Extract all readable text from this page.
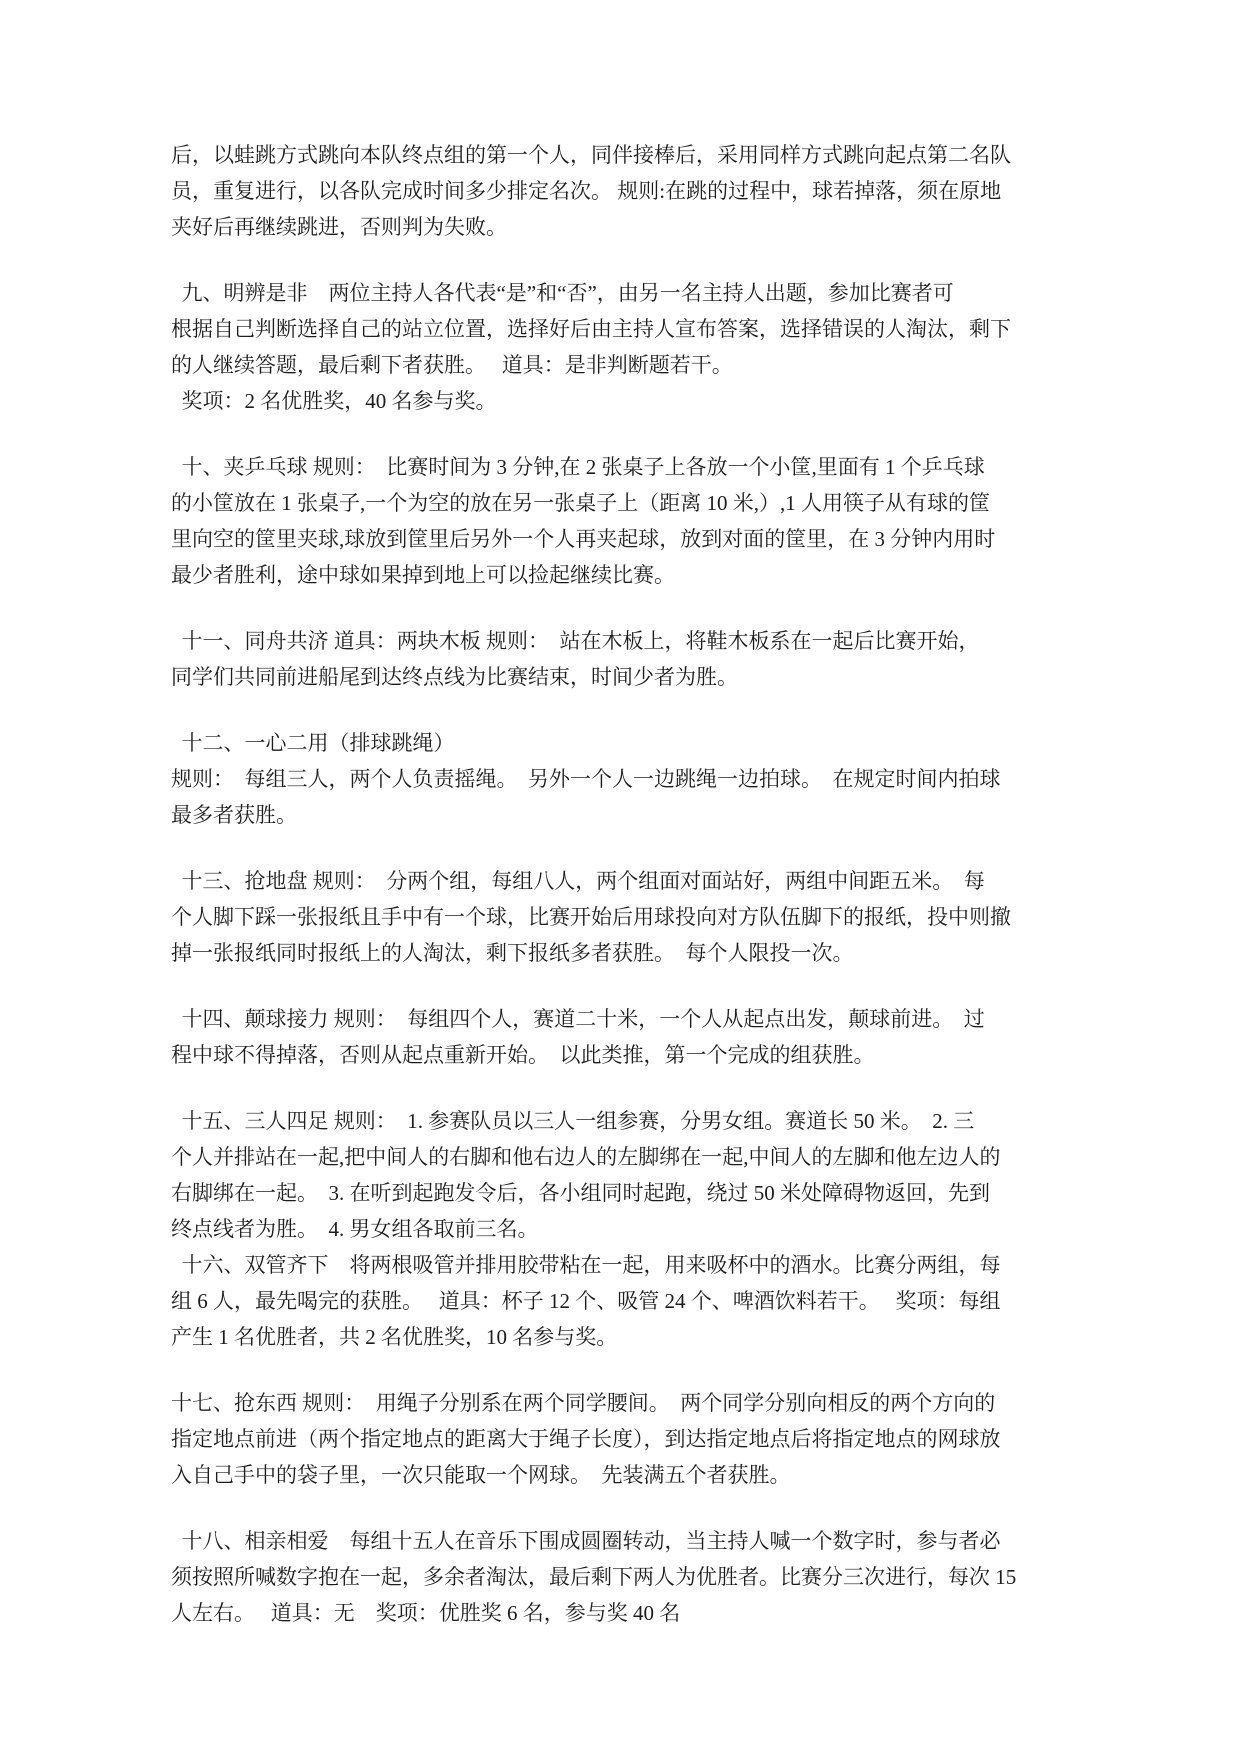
后，以蛙跳方式跳向本队终点组的第一个人，同伴接棒后，采用同样方式跳向起点第二名队
员，重复进行，以各队完成时间多少排定名次。 规则:在跳的过程中，球若掉落，须在原地
夹好后再继续跳进，否则判为失败。
九、明辨是非　两位主持人各代表“是”和“否”，由另一名主持人出题，参加比赛者可
根据自己判断选择自己的站立位置，选择好后由主持人宣布答案，选择错误的人淘汰，剩下
的人继续答题，最后剩下者获胜。　 道具：是非判断题若干。
奖项：2 名优胜奖，40 名参与奖。
十、夹乒乓球 规则：　比赛时间为 3 分钟,在 2 张桌子上各放一个小筐,里面有 1 个乒乓球
的小筐放在 1 张桌子,一个为空的放在另一张桌子上（距离 10 米,）,1 人用筷子从有球的筐
里向空的筐里夹球,球放到筐里后另外一个人再夹起球，放到对面的筐里，在 3 分钟内用时
最少者胜利，途中球如果掉到地上可以捡起继续比赛。
十一、同舟共济 道具：两块木板 规则：　站在木板上，将鞋木板系在一起后比赛开始，
同学们共同前进船尾到达终点线为比赛结束，时间少者为胜。
十二、一心二用（排球跳绳）
规则：　每组三人，两个人负责摇绳。　另外一个人一边跳绳一边拍球。　在规定时间内拍球
最多者获胜。
十三、抢地盘 规则：　分两个组，每组八人，两个组面对面站好，两组中间距五米。　每
个人脚下踩一张报纸且手中有一个球，比赛开始后用球投向对方队伍脚下的报纸，投中则撤
掉一张报纸同时报纸上的人淘汰，剩下报纸多者获胜。　每个人限投一次。
十四、颠球接力 规则：　每组四个人，赛道二十米，一个人从起点出发，颠球前进。　过
程中球不得掉落，否则从起点重新开始。　以此类推，第一个完成的组获胜。
十五、三人四足 规则：　1. 参赛队员以三人一组参赛，分男女组。赛道长 50 米。　2. 三
个人并排站在一起,把中间人的右脚和他右边人的左脚绑在一起,中间人的左脚和他左边人的
右脚绑在一起。　3. 在听到起跑发令后，各小组同时起跑，绕过 50 米处障碍物返回，先到
终点线者为胜。　4. 男女组各取前三名。
十六、双管齐下　将两根吸管并排用胶带粘在一起，用来吸杯中的酒水。比赛分两组，每
组 6 人，最先喝完的获胜。　 道具：杯子 12 个、吸管 24 个、啤酒饮料若干。　 奖项：每组
产生 1 名优胜者，共 2 名优胜奖，10 名参与奖。
十七、抢东西 规则：　用绳子分别系在两个同学腰间。　两个同学分别向相反的两个方向的
指定地点前进（两个指定地点的距离大于绳子长度），到达指定地点后将指定地点的网球放
入自己手中的袋子里，一次只能取一个网球。　先装满五个者获胜。
十八、相亲相爱　每组十五人在音乐下围成圆圈转动，当主持人喊一个数字时，参与者必
须按照所喊数字抱在一起，多余者淘汰，最后剩下两人为优胜者。比赛分三次进行，每次 15
人左右。　 道具：无　奖项：优胜奖 6 名，参与奖 40 名
